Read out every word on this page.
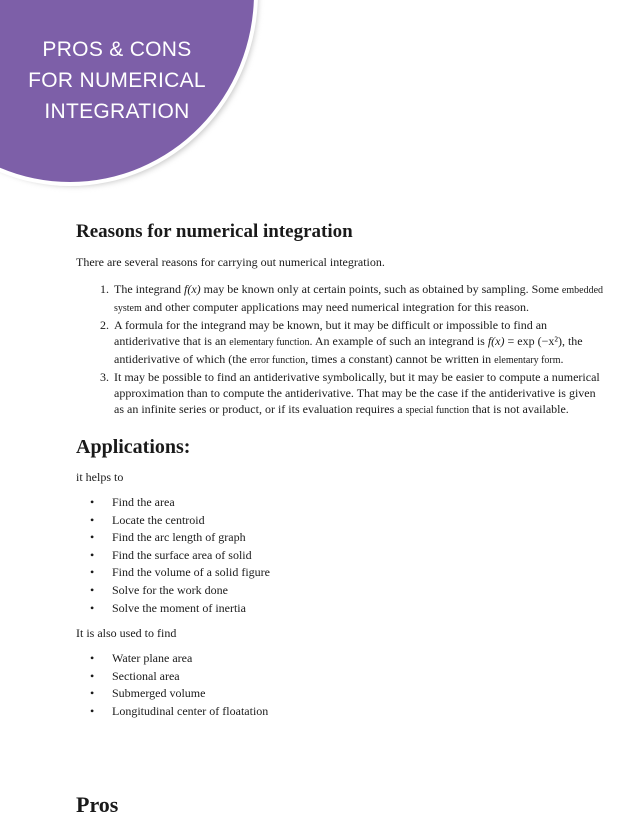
PROS & CONS
FOR NUMERICAL
INTEGRATION
Reasons for numerical integration

There are several reasons for carrying out numerical integration.

1. The integrand f(x) may be known only at certain points, such as obtained by sampling. Some embedded system and other computer applications may need numerical integration for this reason.
2. A formula for the integrand may be known, but it may be difficult or impossible to find an antiderivative that is an elementary function. An example of such an integrand is f(x) = exp (−x²), the antiderivative of which (the error function, times a constant) cannot be written in elementary form.
3. It may be possible to find an antiderivative symbolically, but it may be easier to compute a numerical approximation than to compute the antiderivative. That may be the case if the antiderivative is given as an infinite series or product, or if its evaluation requires a special function that is not available.
Applications:

it helps to

• Find the area
• Locate the centroid
• Find the arc length of graph
• Find the surface area of solid
• Find the volume of a solid figure
• Solve for the work done
• Solve the moment of inertia

It is also used to find

• Water plane area
• Sectional area
• Submerged volume
• Longitudinal center of floatation
Pros
